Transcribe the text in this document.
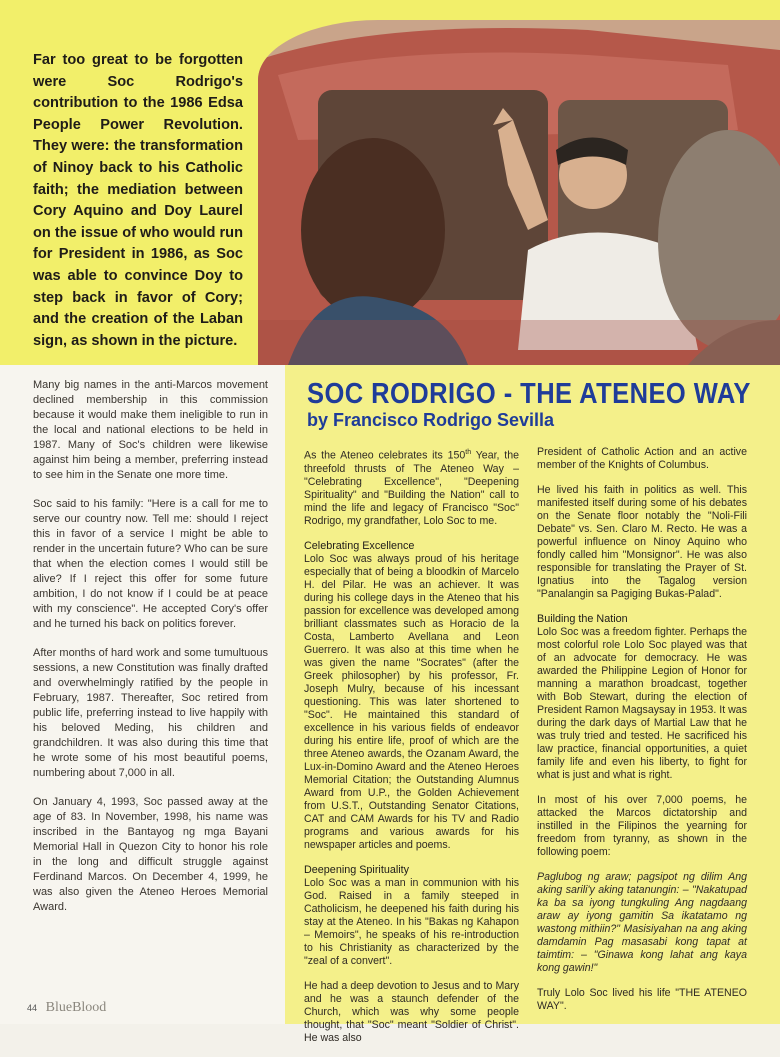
Far too great to be forgotten were Soc Rodrigo's contribution to the 1986 Edsa People Power Revolution. They were: the transformation of Ninoy back to his Catholic faith; the mediation between Cory Aquino and Doy Laurel on the issue of who would run for President in 1986, as Soc was able to convince Doy to step back in favor of Cory; and the creation of the Laban sign, as shown in the picture.

Many big names in the anti-Marcos movement declined membership in this commission because it would make them ineligible to run in the local and national elections to be held in 1987. Many of Soc's children were likewise against him being a member, preferring instead to see him in the Senate one more time.

Soc said to his family: "Here is a call for me to serve our country now. Tell me: should I reject this in favor of a service I might be able to render in the uncertain future? Who can be sure that when the election comes I would still be alive? If I reject this offer for some future ambition, I do not know if I could be at peace with my conscience". He accepted Cory's offer and he turned his back on politics forever.

After months of hard work and some tumultuous sessions, a new Constitution was finally drafted and overwhelmingly ratified by the people in February, 1987. Thereafter, Soc retired from public life, preferring instead to live happily with his beloved Meding, his children and grandchildren. It was also during this time that he wrote some of his most beautiful poems, numbering about 7,000 in all.

On January 4, 1993, Soc passed away at the age of 83. In November, 1998, his name was inscribed in the Bantayog ng mga Bayani Memorial Hall in Quezon City to honor his role in the long and difficult struggle against Ferdinand Marcos. On December 4, 1999, he was also given the Ateneo Heroes Memorial Award.

SOC RODRIGO - THE ATENEO WAY
by Francisco Rodrigo Sevilla

As the Ateneo celebrates its 150th Year, the threefold thrusts of The Ateneo Way – "Celebrating Excellence", "Deepening Spirituality" and "Building the Nation" call to mind the life and legacy of Francisco "Soc" Rodrigo, my grandfather, Lolo Soc to me.

Celebrating Excellence
Lolo Soc was always proud of his heritage especially that of being a bloodkin of Marcelo H. del Pilar. He was an achiever. It was during his college days in the Ateneo that his passion for excellence was developed among brilliant classmates such as Horacio de la Costa, Lamberto Avellana and Leon Guerrero. It was also at this time when he was given the name "Socrates" (after the Greek philosopher) by his professor, Fr. Joseph Mulry, because of his incessant questioning. This was later shortened to "Soc". He maintained this standard of excellence in his various fields of endeavor during his entire life, proof of which are the three Ateneo awards, the Ozanam Award, the Lux-in-Domino Award and the Ateneo Heroes Memorial Citation; the Outstanding Alumnus Award from U.P., the Golden Achievement from U.S.T., Outstanding Senator Citations, CAT and CAM Awards for his TV and Radio programs and various awards for his newspaper articles and poems.

Deepening Spirituality
Lolo Soc was a man in communion with his God. Raised in a family steeped in Catholicism, he deepened his faith during his stay at the Ateneo. In his "Bakas ng Kahapon – Memoirs", he speaks of his re-introduction to his Christianity as characterized by the "zeal of a convert".

He had a deep devotion to Jesus and to Mary and he was a staunch defender of the Church, which was why some people thought, that "Soc" meant "Soldier of Christ". He was also

President of Catholic Action and an active member of the Knights of Columbus.

He lived his faith in politics as well. This manifested itself during some of his debates on the Senate floor notably the "Noli-Fili Debate" vs. Sen. Claro M. Recto. He was a powerful influence on Ninoy Aquino who fondly called him "Monsignor". He was also responsible for translating the Prayer of St. Ignatius into the Tagalog version "Panalangin sa Pagiging Bukas-Palad".

Building the Nation
Lolo Soc was a freedom fighter. Perhaps the most colorful role Lolo Soc played was that of an advocate for democracy. He was awarded the Philippine Legion of Honor for manning a marathon broadcast, together with Bob Stewart, during the election of President Ramon Magsaysay in 1953. It was during the dark days of Martial Law that he was truly tried and tested. He sacrificed his law practice, financial opportunities, a quiet family life and even his liberty, to fight for what is just and what is right.

In most of his over 7,000 poems, he attacked the Marcos dictatorship and instilled in the Filipinos the yearning for freedom from tyranny, as shown in the following poem:

Paglubog ng araw; pagsipot ng dilim Ang aking sarili'y aking tatanungin: – "Nakatupad ka ba sa iyong tungkuling Ang nagdaang araw ay iyong gamitin Sa ikatatamo ng wastong mithiin?" Masisiyahan na ang aking damdamin Pag masasabi kong tapat at taimtim: – "Ginawa kong lahat ang kaya kong gawin!"

Truly Lolo Soc lived his life "THE ATENEO WAY".

44 BlueBlood
